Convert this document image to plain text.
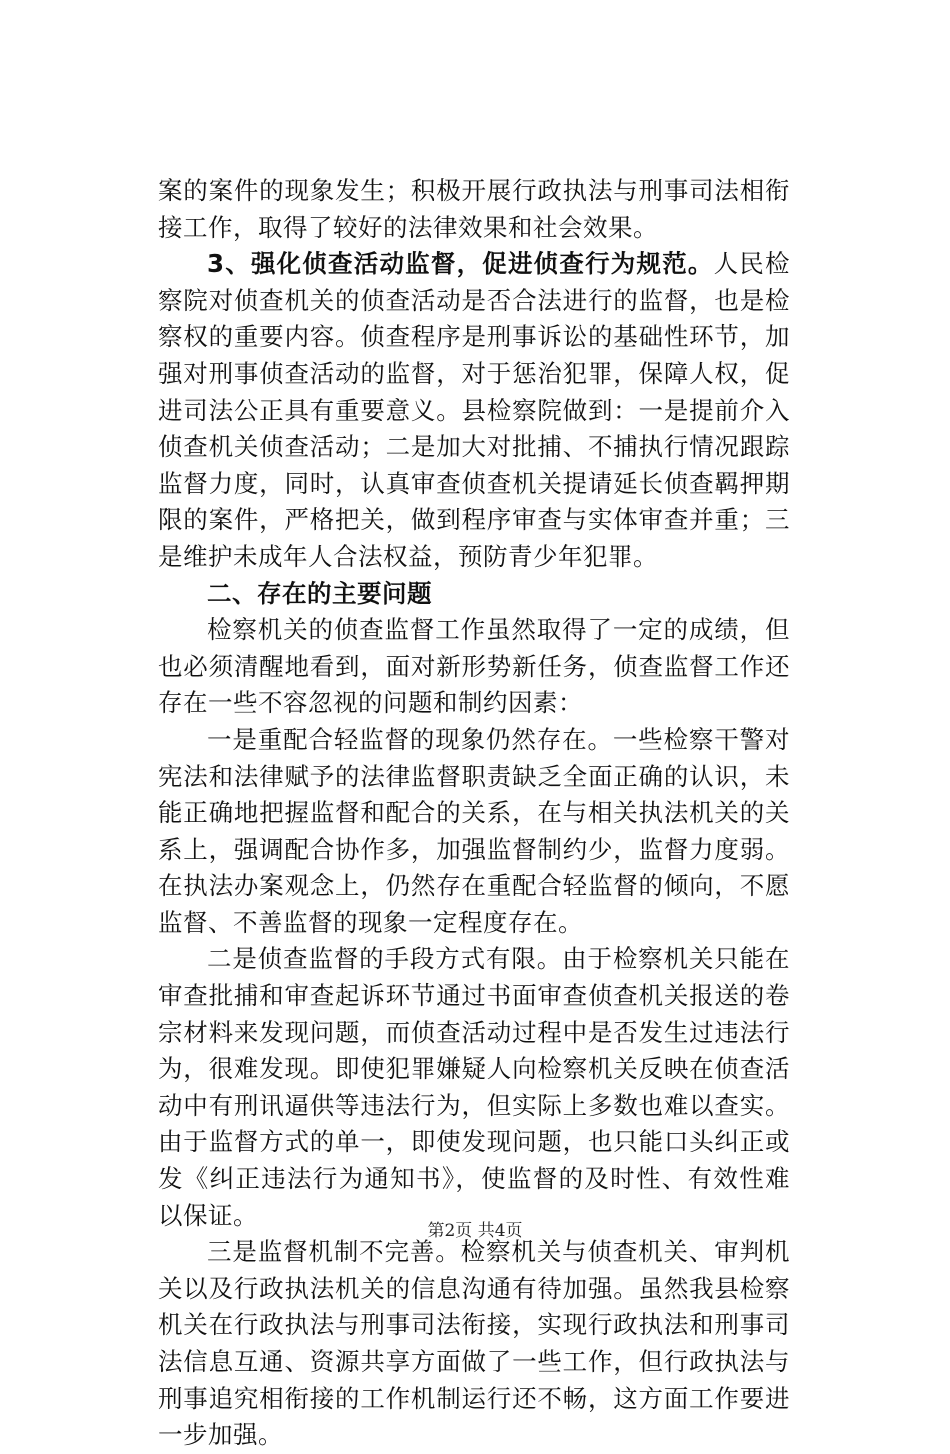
案的案件的现象发生；积极开展行政执法与刑事司法相衔接工作，取得了较好的法律效果和社会效果。

3、强化侦查活动监督，促进侦查行为规范。人民检察院对侦查机关的侦查活动是否合法进行的监督，也是检察权的重要内容。侦查程序是刑事诉讼的基础性环节，加强对刑事侦查活动的监督，对于惩治犯罪，保障人权，促进司法公正具有重要意义。县检察院做到：一是提前介入侦查机关侦查活动；二是加大对批捕、不捕执行情况跟踪监督力度，同时，认真审查侦查机关提请延长侦查羁押期限的案件，严格把关，做到程序审查与实体审查并重；三是维护未成年人合法权益，预防青少年犯罪。

二、存在的主要问题

检察机关的侦查监督工作虽然取得了一定的成绩，但也必须清醒地看到，面对新形势新任务，侦查监督工作还存在一些不容忽视的问题和制约因素：

一是重配合轻监督的现象仍然存在。一些检察干警对宪法和法律赋予的法律监督职责缺乏全面正确的认识，未能正确地把握监督和配合的关系，在与相关执法机关的关系上，强调配合协作多，加强监督制约少，监督力度弱。在执法办案观念上，仍然存在重配合轻监督的倾向，不愿监督、不善监督的现象一定程度存在。

二是侦查监督的手段方式有限。由于检察机关只能在审查批捕和审查起诉环节通过书面审查侦查机关报送的卷宗材料来发现问题，而侦查活动过程中是否发生过违法行为，很难发现。即使犯罪嫌疑人向检察机关反映在侦查活动中有刑讯逼供等违法行为，但实际上多数也难以查实。由于监督方式的单一，即使发现问题，也只能口头纠正或发《纠正违法行为通知书》，使监督的及时性、有效性难以保证。

三是监督机制不完善。检察机关与侦查机关、审判机关以及行政执法机关的信息沟通有待加强。虽然我县检察机关在行政执法与刑事司法衔接，实现行政执法和刑事司法信息互通、资源共享方面做了一些工作，但行政执法与刑事追究相衔接的工作机制运行还不畅，这方面工作要进一步加强。

第2页 共4页
